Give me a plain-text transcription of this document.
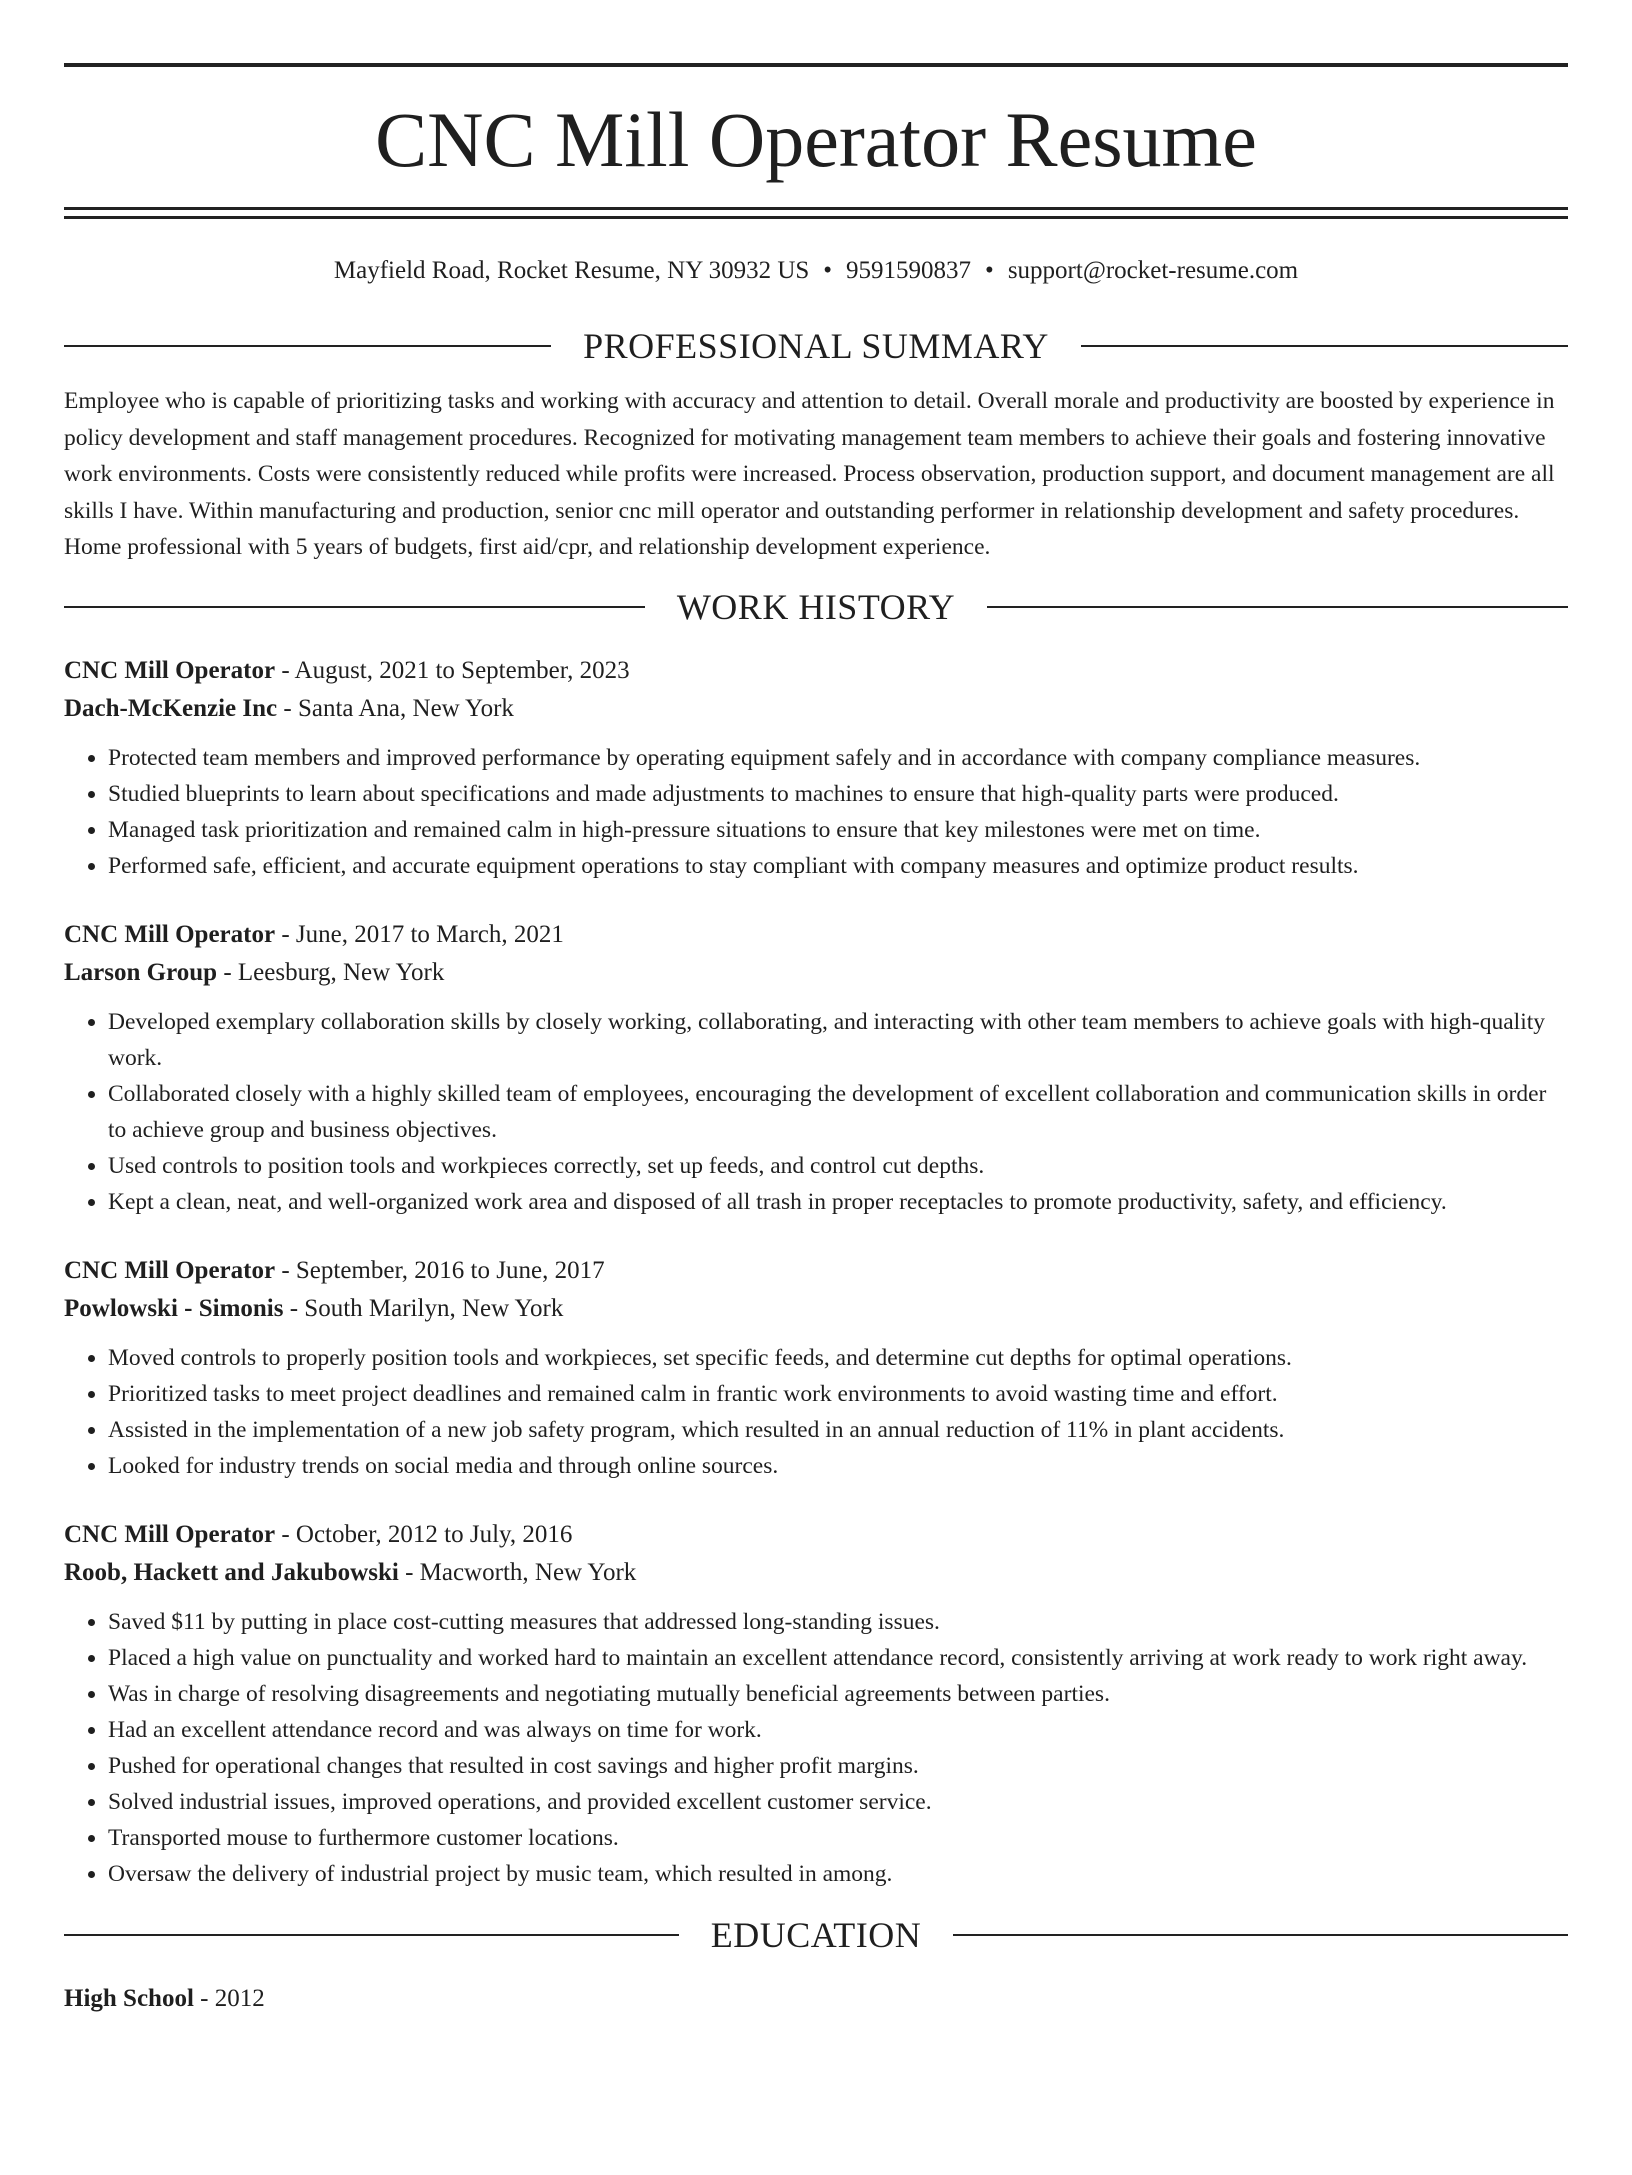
CNC Mill Operator Resume
Mayfield Road, Rocket Resume, NY 30932 US • 9591590837 • support@rocket-resume.com
PROFESSIONAL SUMMARY

Employee who is capable of prioritizing tasks and working with accuracy and attention to detail. Overall morale and productivity are boosted by experience in policy development and staff management procedures. Recognized for motivating management team members to achieve their goals and fostering innovative work environments. Costs were consistently reduced while profits were increased. Process observation, production support, and document management are all skills I have. Within manufacturing and production, senior cnc mill operator and outstanding performer in relationship development and safety procedures. Home professional with 5 years of budgets, first aid/cpr, and relationship development experience.

WORK HISTORY
CNC Mill Operator - August, 2021 to September, 2023
Dach-McKenzie Inc - Santa Ana, New York
• Protected team members and improved performance by operating equipment safely and in accordance with company compliance measures.
• Studied blueprints to learn about specifications and made adjustments to machines to ensure that high-quality parts were produced.
• Managed task prioritization and remained calm in high-pressure situations to ensure that key milestones were met on time.
• Performed safe, efficient, and accurate equipment operations to stay compliant with company measures and optimize product results.
CNC Mill Operator - June, 2017 to March, 2021
Larson Group - Leesburg, New York
• Developed exemplary collaboration skills by closely working, collaborating, and interacting with other team members to achieve goals with high-quality work.
• Collaborated closely with a highly skilled team of employees, encouraging the development of excellent collaboration and communication skills in order to achieve group and business objectives.
• Used controls to position tools and workpieces correctly, set up feeds, and control cut depths.
• Kept a clean, neat, and well-organized work area and disposed of all trash in proper receptacles to promote productivity, safety, and efficiency.
CNC Mill Operator - September, 2016 to June, 2017
Powlowski - Simonis - South Marilyn, New York
• Moved controls to properly position tools and workpieces, set specific feeds, and determine cut depths for optimal operations.
• Prioritized tasks to meet project deadlines and remained calm in frantic work environments to avoid wasting time and effort.
• Assisted in the implementation of a new job safety program, which resulted in an annual reduction of 11% in plant accidents.
• Looked for industry trends on social media and through online sources.
CNC Mill Operator - October, 2012 to July, 2016
Roob, Hackett and Jakubowski - Macworth, New York
• Saved $11 by putting in place cost-cutting measures that addressed long-standing issues.
• Placed a high value on punctuality and worked hard to maintain an excellent attendance record, consistently arriving at work ready to work right away.
• Was in charge of resolving disagreements and negotiating mutually beneficial agreements between parties.
• Had an excellent attendance record and was always on time for work.
• Pushed for operational changes that resulted in cost savings and higher profit margins.
• Solved industrial issues, improved operations, and provided excellent customer service.
• Transported mouse to furthermore customer locations.
• Oversaw the delivery of industrial project by music team, which resulted in among.
EDUCATION
High School - 2012
